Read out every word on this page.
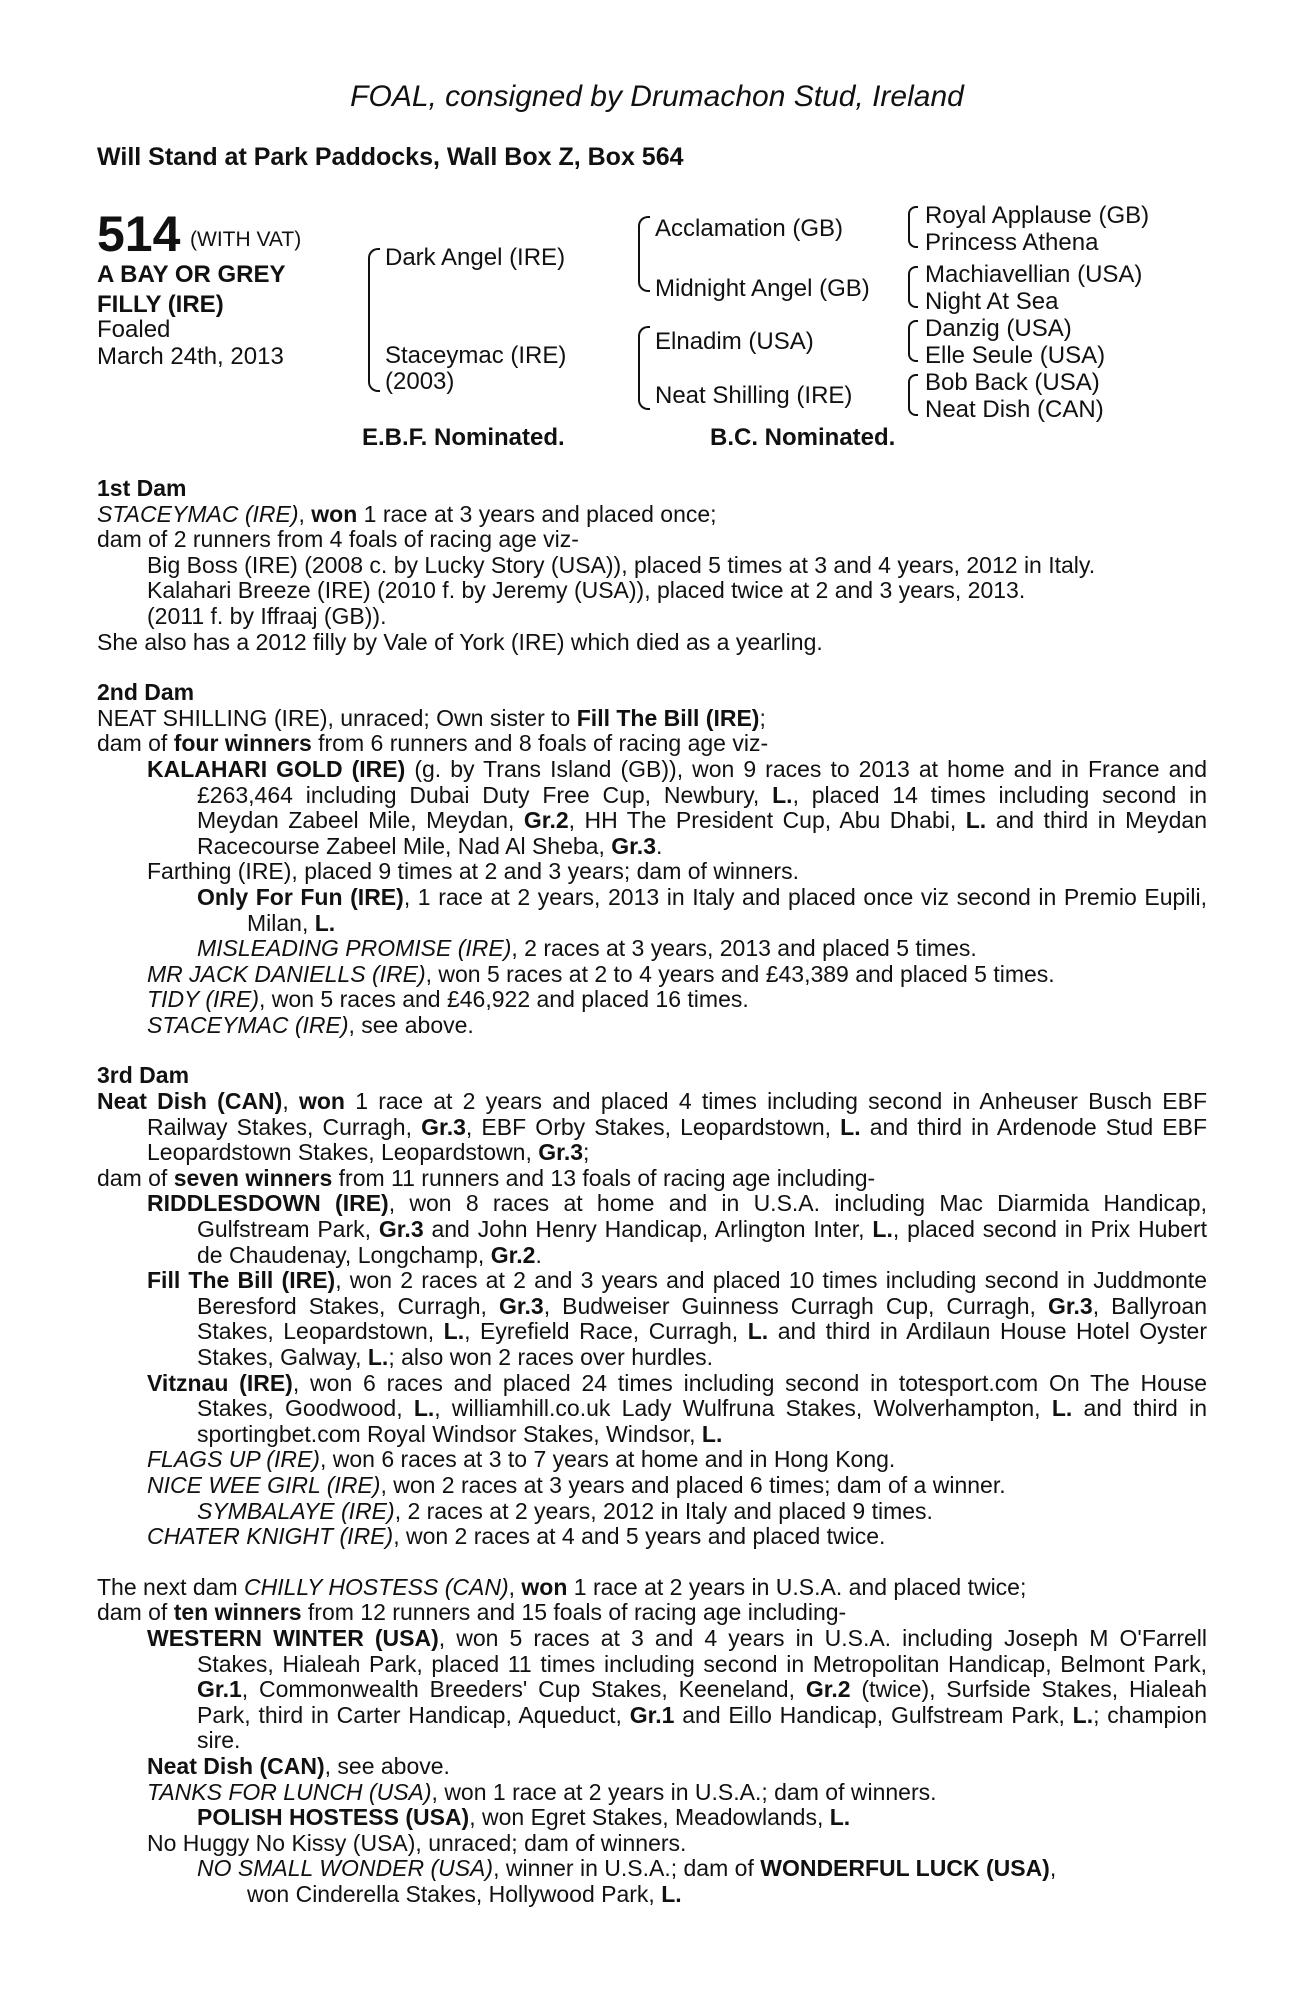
FOAL, consigned by Drumachon Stud, Ireland
Will Stand at Park Paddocks, Wall Box Z, Box 564
514 (WITH VAT)
A BAY OR GREY
FILLY (IRE)
Foaled
March 24th, 2013
Dark Angel (IRE)
Staceymac (IRE)
(2003)
Acclamation (GB)
Midnight Angel (GB)
Elnadim (USA)
Neat Shilling (IRE)
Royal Applause (GB)
Princess Athena
Machiavellian (USA)
Night At Sea
Danzig (USA)
Elle Seule (USA)
Bob Back (USA)
Neat Dish (CAN)
E.B.F. Nominated.	B.C. Nominated.

1st Dam

STACEYMAC (IRE), won 1 race at 3 years and placed once;

dam of 2 runners from 4 foals of racing age viz-

Big Boss (IRE) (2008 c. by Lucky Story (USA)), placed 5 times at 3 and 4 years, 2012 in Italy.

Kalahari Breeze (IRE) (2010 f. by Jeremy (USA)), placed twice at 2 and 3 years, 2013.

(2011 f. by Iffraaj (GB)).

She also has a 2012 filly by Vale of York (IRE) which died as a yearling.

2nd Dam

NEAT SHILLING (IRE), unraced; Own sister to Fill The Bill (IRE);

dam of four winners from 6 runners and 8 foals of racing age viz-

KALAHARI GOLD (IRE) (g. by Trans Island (GB)), won 9 races to 2013 at home and in France and £263,464 including Dubai Duty Free Cup, Newbury, L., placed 14 times including second in Meydan Zabeel Mile, Meydan, Gr.2, HH The President Cup, Abu Dhabi, L. and third in Meydan Racecourse Zabeel Mile, Nad Al Sheba, Gr.3.

Farthing (IRE), placed 9 times at 2 and 3 years; dam of winners.

Only For Fun (IRE), 1 race at 2 years, 2013 in Italy and placed once viz second in Premio Eupili, Milan, L.

MISLEADING PROMISE (IRE), 2 races at 3 years, 2013 and placed 5 times.

MR JACK DANIELLS (IRE), won 5 races at 2 to 4 years and £43,389 and placed 5 times.

TIDY (IRE), won 5 races and £46,922 and placed 16 times.

STACEYMAC (IRE), see above.

3rd Dam

Neat Dish (CAN), won 1 race at 2 years and placed 4 times including second in Anheuser Busch EBF Railway Stakes, Curragh, Gr.3, EBF Orby Stakes, Leopardstown, L. and third in Ardenode Stud EBF Leopardstown Stakes, Leopardstown, Gr.3;

dam of seven winners from 11 runners and 13 foals of racing age including-

RIDDLESDOWN (IRE), won 8 races at home and in U.S.A. including Mac Diarmida Handicap, Gulfstream Park, Gr.3 and John Henry Handicap, Arlington Inter, L., placed second in Prix Hubert de Chaudenay, Longchamp, Gr.2.

Fill The Bill (IRE), won 2 races at 2 and 3 years and placed 10 times including second in Juddmonte Beresford Stakes, Curragh, Gr.3, Budweiser Guinness Curragh Cup, Curragh, Gr.3, Ballyroan Stakes, Leopardstown, L., Eyrefield Race, Curragh, L. and third in Ardilaun House Hotel Oyster Stakes, Galway, L.; also won 2 races over hurdles.

Vitznau (IRE), won 6 races and placed 24 times including second in totesport.com On The House Stakes, Goodwood, L., williamhill.co.uk Lady Wulfruna Stakes, Wolverhampton, L. and third in sportingbet.com Royal Windsor Stakes, Windsor, L.

FLAGS UP (IRE), won 6 races at 3 to 7 years at home and in Hong Kong.

NICE WEE GIRL (IRE), won 2 races at 3 years and placed 6 times; dam of a winner.

SYMBALAYE (IRE), 2 races at 2 years, 2012 in Italy and placed 9 times.

CHATER KNIGHT (IRE), won 2 races at 4 and 5 years and placed twice.

The next dam CHILLY HOSTESS (CAN), won 1 race at 2 years in U.S.A. and placed twice;

dam of ten winners from 12 runners and 15 foals of racing age including-

WESTERN WINTER (USA), won 5 races at 3 and 4 years in U.S.A. including Joseph M O'Farrell Stakes, Hialeah Park, placed 11 times including second in Metropolitan Handicap, Belmont Park, Gr.1, Commonwealth Breeders' Cup Stakes, Keeneland, Gr.2 (twice), Surfside Stakes, Hialeah Park, third in Carter Handicap, Aqueduct, Gr.1 and Eillo Handicap, Gulfstream Park, L.; champion sire.

Neat Dish (CAN), see above.

TANKS FOR LUNCH (USA), won 1 race at 2 years in U.S.A.; dam of winners.

POLISH HOSTESS (USA), won Egret Stakes, Meadowlands, L.

No Huggy No Kissy (USA), unraced; dam of winners.

NO SMALL WONDER (USA), winner in U.S.A.; dam of WONDERFUL LUCK (USA),

won Cinderella Stakes, Hollywood Park, L.
